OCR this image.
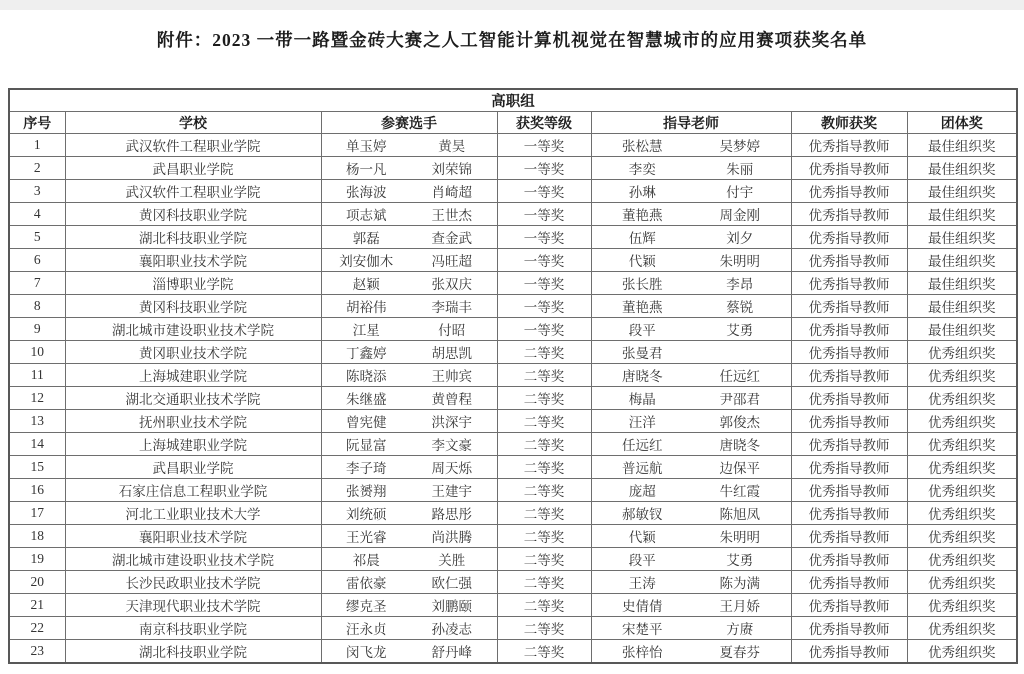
附件：2023 一带一路暨金砖大赛之人工智能计算机视觉在智慧城市的应用赛项获奖名单
高职组						
序号	学校	参赛选手	获奖等级	指导老师	教师获奖	团体奖
1	武汉软件工程职业学院	单玉婷 黄昊	一等奖	张松慧 吴梦婷	优秀指导教师	最佳组织奖
2	武昌职业学院	杨一凡 刘荣锦	一等奖	李奕 朱丽	优秀指导教师	最佳组织奖
3	武汉软件工程职业学院	张海波 肖崎超	一等奖	孙琳 付宇	优秀指导教师	最佳组织奖
4	黄冈科技职业学院	项志斌 王世杰	一等奖	董艳燕 周金刚	优秀指导教师	最佳组织奖
5	湖北科技职业学院	郭磊 查金武	一等奖	伍辉 刘夕	优秀指导教师	最佳组织奖
6	襄阳职业技术学院	刘安伽木 冯旺超	一等奖	代颖 朱明明	优秀指导教师	最佳组织奖
7	淄博职业学院	赵颖 张双庆	一等奖	张长胜 李昂	优秀指导教师	最佳组织奖
8	黄冈科技职业学院	胡裕伟 李瑞丰	一等奖	董艳燕 蔡锐	优秀指导教师	最佳组织奖
9	湖北城市建设职业技术学院	江星 付昭	一等奖	段平 艾勇	优秀指导教师	最佳组织奖
10	黄冈职业技术学院	丁鑫婷 胡思凯	二等奖	张曼君	优秀指导教师	优秀组织奖
11	上海城建职业学院	陈晓添 王帅宾	二等奖	唐晓冬 任远红	优秀指导教师	优秀组织奖
12	湖北交通职业技术学院	朱继盛 黄曾程	二等奖	梅晶 尹邵君	优秀指导教师	优秀组织奖
13	抚州职业技术学院	曾宪健 洪深宇	二等奖	汪洋 郭俊杰	优秀指导教师	优秀组织奖
14	上海城建职业学院	阮显富 李文豪	二等奖	任远红 唐晓冬	优秀指导教师	优秀组织奖
15	武昌职业学院	李子琦 周天烁	二等奖	普远航 边保平	优秀指导教师	优秀组织奖
16	石家庄信息工程职业学院	张赟翔 王建宇	二等奖	庞超 牛红霞	优秀指导教师	优秀组织奖
17	河北工业职业技术大学	刘统硕 路思彤	二等奖	郝敏钗 陈旭凤	优秀指导教师	优秀组织奖
18	襄阳职业技术学院	王光睿 尚洪腾	二等奖	代颖 朱明明	优秀指导教师	优秀组织奖
19	湖北城市建设职业技术学院	祁晨 关胜	二等奖	段平 艾勇	优秀指导教师	优秀组织奖
20	长沙民政职业技术学院	雷依豪 欧仁强	二等奖	王涛 陈为满	优秀指导教师	优秀组织奖
21	天津现代职业技术学院	缪克圣 刘鹏颐	二等奖	史倩倩 王月娇	优秀指导教师	优秀组织奖
22	南京科技职业学院	汪永贞 孙凌志	二等奖	宋楚平 方赓	优秀指导教师	优秀组织奖
23	湖北科技职业学院	闵飞龙 舒丹峰	二等奖	张梓怡 夏春芬	优秀指导教师	优秀组织奖
